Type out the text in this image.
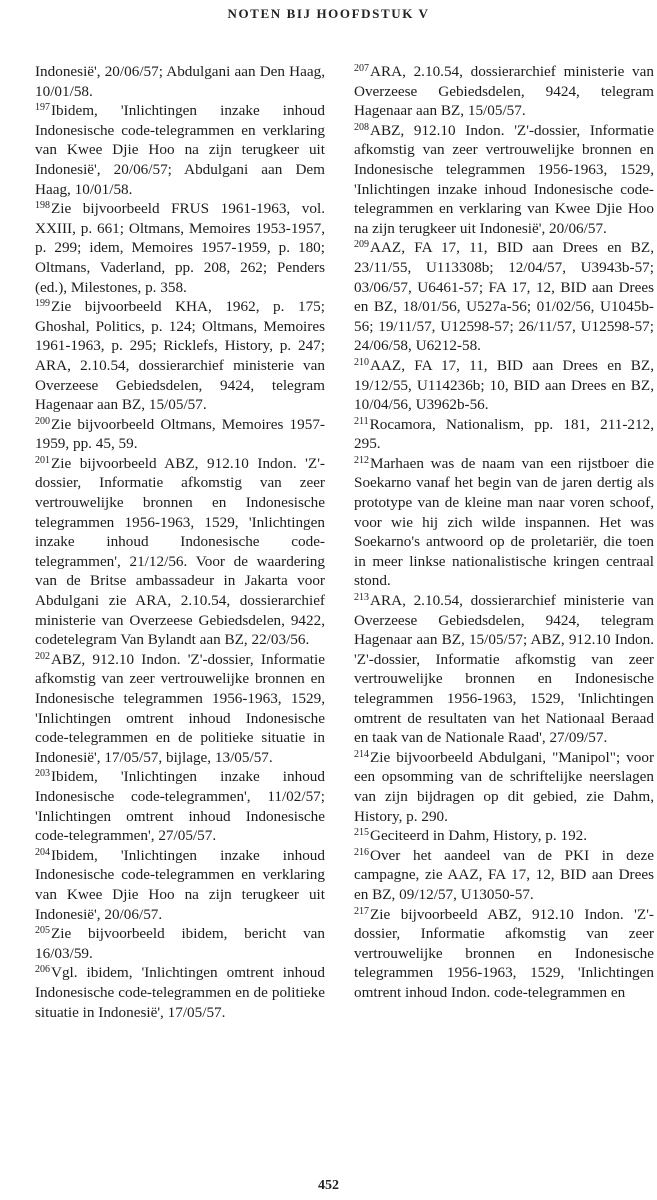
NOTEN BIJ HOOFDSTUK V

Indonesië', 20/06/57; Abdulgani aan Den Haag, 10/01/58.

$^{197}$Ibidem, 'Inlichtingen inzake inhoud Indonesische code-telegrammen en verklaring van Kwee Djie Hoo na zijn terugkeer uit Indonesië', 20/06/57; Abdulgani aan Dem Haag, 10/01/58.

$^{198}$Zie bijvoorbeeld FRUS 1961-1963, vol. XXIII, p. 661; Oltmans, Memoires 1953-1957, p. 299; idem, Memoires 1957-1959, p. 180; Oltmans, Vaderland, pp. 208, 262; Penders (ed.), Milestones, p. 358.

$^{199}$Zie bijvoorbeeld KHA, 1962, p. 175; Ghoshal, Politics, p. 124; Oltmans, Memoires 1961-1963, p. 295; Ricklefs, History, p. 247; ARA, 2.10.54, dossierarchief ministerie van Overzeese Gebiedsdelen, 9424, telegram Hagenaar aan BZ, 15/05/57.

$^{200}$Zie bijvoorbeeld Oltmans, Memoires 1957-1959, pp. 45, 59.

$^{201}$Zie bijvoorbeeld ABZ, 912.10 Indon. 'Z'-dossier, Informatie afkomstig van zeer vertrouwelijke bronnen en Indonesische telegrammen 1956-1963, 1529, 'Inlichtingen inzake inhoud Indonesische code-telegrammen', 21/12/56. Voor de waardering van de Britse ambassadeur in Jakarta voor Abdulgani zie ARA, 2.10.54, dossierarchief ministerie van Overzeese Gebiedsdelen, 9422, codetelegram Van Bylandt aan BZ, 22/03/56.

$^{202}$ABZ, 912.10 Indon. 'Z'-dossier, Informatie afkomstig van zeer vertrouwelijke bronnen en Indonesische telegrammen 1956-1963, 1529, 'Inlichtingen omtrent inhoud Indonesische code-telegrammen en de politieke situatie in Indonesië', 17/05/57, bijlage, 13/05/57.

$^{203}$Ibidem, 'Inlichtingen inzake inhoud Indonesische code-telegrammen', 11/02/57; 'Inlichtingen omtrent inhoud Indonesische code-telegrammen', 27/05/57.

$^{204}$Ibidem, 'Inlichtingen inzake inhoud Indonesische code-telegrammen en verklaring van Kwee Djie Hoo na zijn terugkeer uit Indonesië', 20/06/57.

$^{205}$Zie bijvoorbeeld ibidem, bericht van 16/03/59.

$^{206}$Vgl. ibidem, 'Inlichtingen omtrent inhoud Indonesische code-telegrammen en de politieke situatie in Indonesië', 17/05/57.

$^{207}$ARA, 2.10.54, dossierarchief ministerie van Overzeese Gebiedsdelen, 9424, telegram Hagenaar aan BZ, 15/05/57.

$^{208}$ABZ, 912.10 Indon. 'Z'-dossier, Informatie afkomstig van zeer vertrouwelijke bronnen en Indonesische telegrammen 1956-1963, 1529, 'Inlichtingen inzake inhoud Indonesische code-telegrammen en verklaring van Kwee Djie Hoo na zijn terugkeer uit Indonesië', 20/06/57.

$^{209}$AAZ, FA 17, 11, BID aan Drees en BZ, 23/11/55, U113308b; 12/04/57, U3943b-57; 03/06/57, U6461-57; FA 17, 12, BID aan Drees en BZ, 18/01/56, U527a-56; 01/02/56, U1045b-56; 19/11/57, U12598-57; 26/11/57, U12598-57; 24/06/58, U6212-58.

$^{210}$AAZ, FA 17, 11, BID aan Drees en BZ, 19/12/55, U114236b; 10, BID aan Drees en BZ, 10/04/56, U3962b-56.

$^{211}$Rocamora, Nationalism, pp. 181, 211-212, 295.

$^{212}$Marhaen was de naam van een rijstboer die Soekarno vanaf het begin van de jaren dertig als prototype van de kleine man naar voren schoof, voor wie hij zich wilde inspannen. Het was Soekarno's antwoord op de proletariër, die toen in meer linkse nationalistische kringen centraal stond.

$^{213}$ARA, 2.10.54, dossierarchief ministerie van Overzeese Gebiedsdelen, 9424, telegram Hagenaar aan BZ, 15/05/57; ABZ, 912.10 Indon. 'Z'-dossier, Informatie afkomstig van zeer vertrouwelijke bronnen en Indonesische telegrammen 1956-1963, 1529, 'Inlichtingen omtrent de resultaten van het Nationaal Beraad en taak van de Nationale Raad', 27/09/57.

$^{214}$Zie bijvoorbeeld Abdulgani, "Manipol"; voor een opsomming van de schriftelijke neerslagen van zijn bijdragen op dit gebied, zie Dahm, History, p. 290.

$^{215}$Geciteerd in Dahm, History, p. 192.

$^{216}$Over het aandeel van de PKI in deze campagne, zie AAZ, FA 17, 12, BID aan Drees en BZ, 09/12/57, U13050-57.

$^{217}$Zie bijvoorbeeld ABZ, 912.10 Indon. 'Z'-dossier, Informatie afkomstig van zeer vertrouwelijke bronnen en Indonesische telegrammen 1956-1963, 1529, 'Inlichtingen omtrent inhoud Indon. code-telegrammen en

452
